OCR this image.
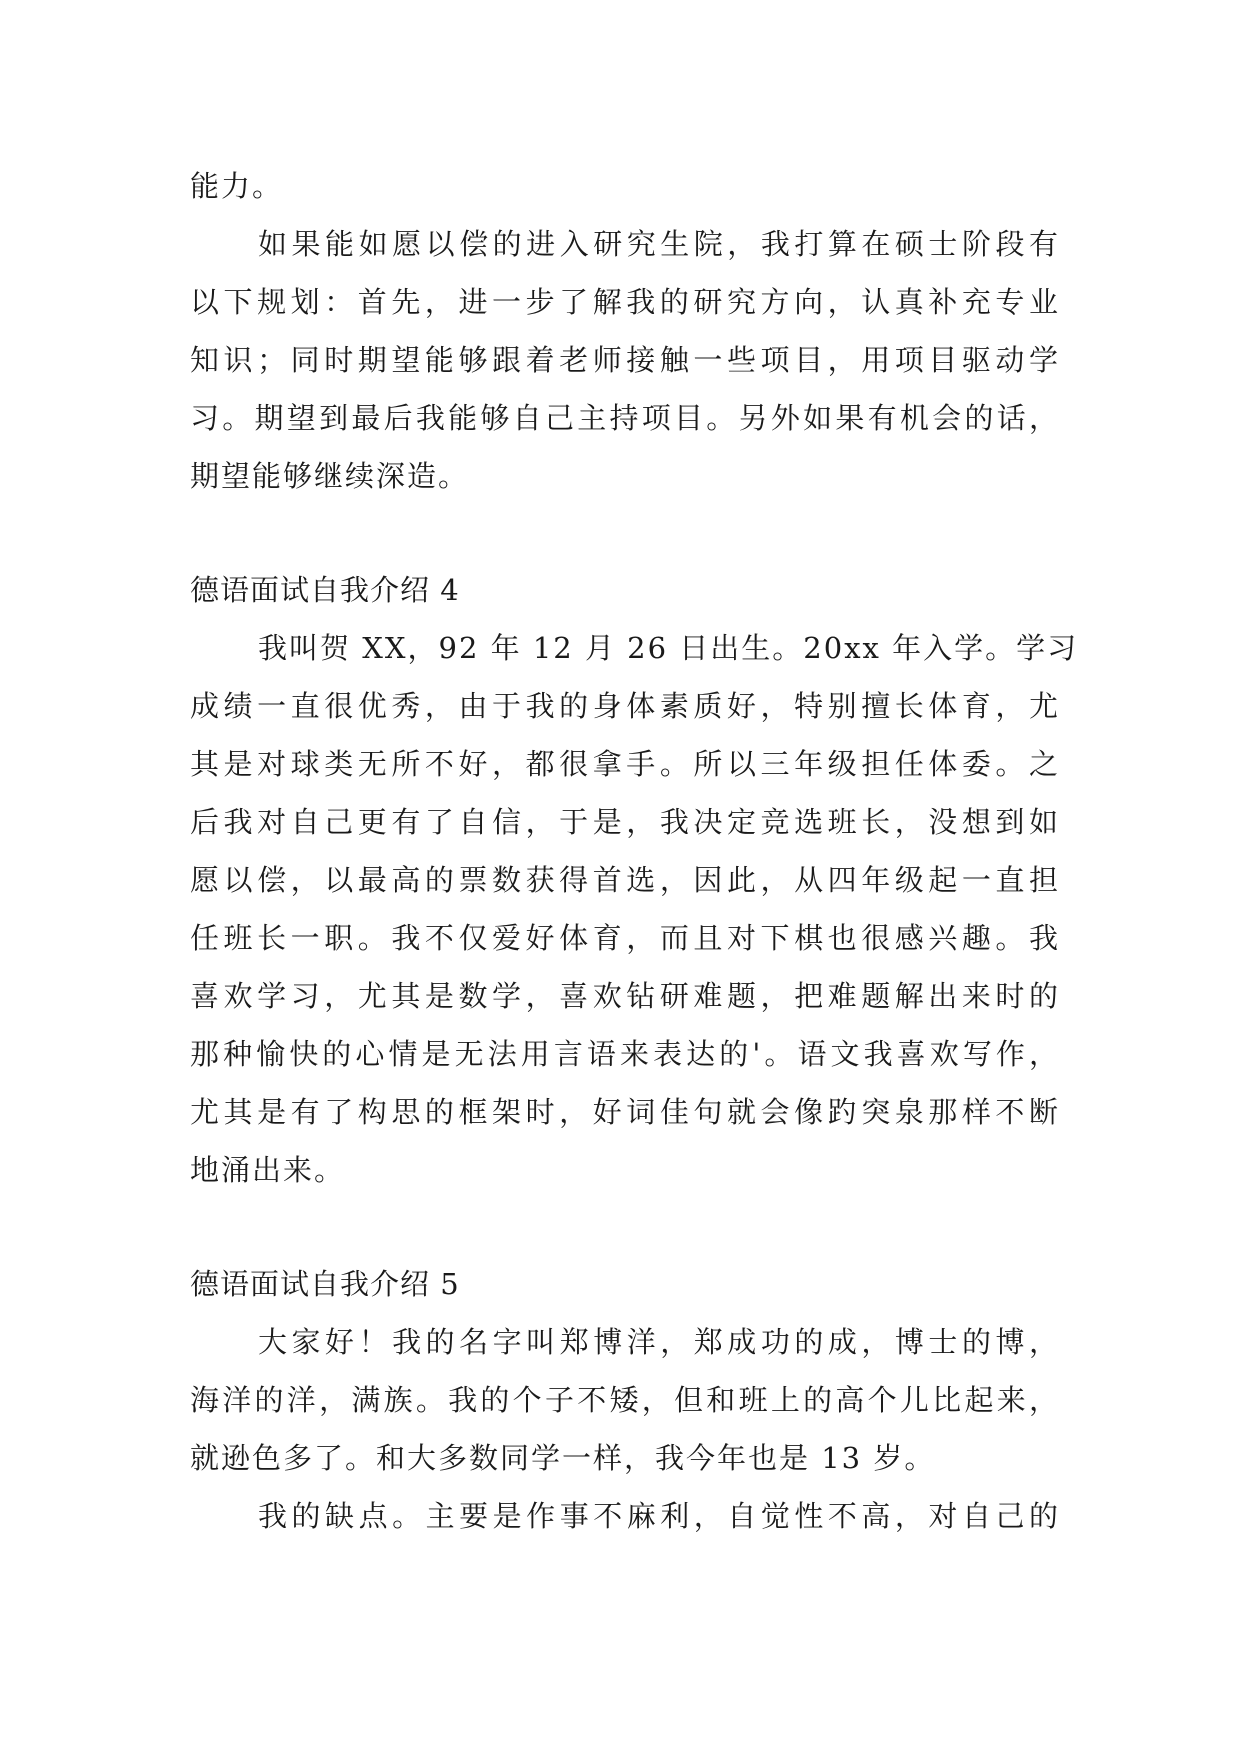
能力。
如果能如愿以偿的进入研究生院，我打算在硕士阶段有
以下规划：首先，进一步了解我的研究方向，认真补充专业
知识；同时期望能够跟着老师接触一些项目，用项目驱动学
习。期望到最后我能够自己主持项目。另外如果有机会的话，
期望能够继续深造。
德语面试自我介绍 4
我叫贺 XX，92 年 12 月 26 日出生。20xx 年入学。学习
成绩一直很优秀，由于我的身体素质好，特别擅长体育，尤
其是对球类无所不好，都很拿手。所以三年级担任体委。之
后我对自己更有了自信，于是，我决定竞选班长，没想到如
愿以偿，以最高的票数获得首选，因此，从四年级起一直担
任班长一职。我不仅爱好体育，而且对下棋也很感兴趣。我
喜欢学习，尤其是数学，喜欢钻研难题，把难题解出来时的
那种愉快的心情是无法用言语来表达的'。语文我喜欢写作，
尤其是有了构思的框架时，好词佳句就会像趵突泉那样不断
地涌出来。
德语面试自我介绍 5
大家好！我的名字叫郑博洋，郑成功的成，博士的博，
海洋的洋，满族。我的个子不矮，但和班上的高个儿比起来，
就逊色多了。和大多数同学一样，我今年也是 13 岁。
我的缺点。主要是作事不麻利，自觉性不高，对自己的
